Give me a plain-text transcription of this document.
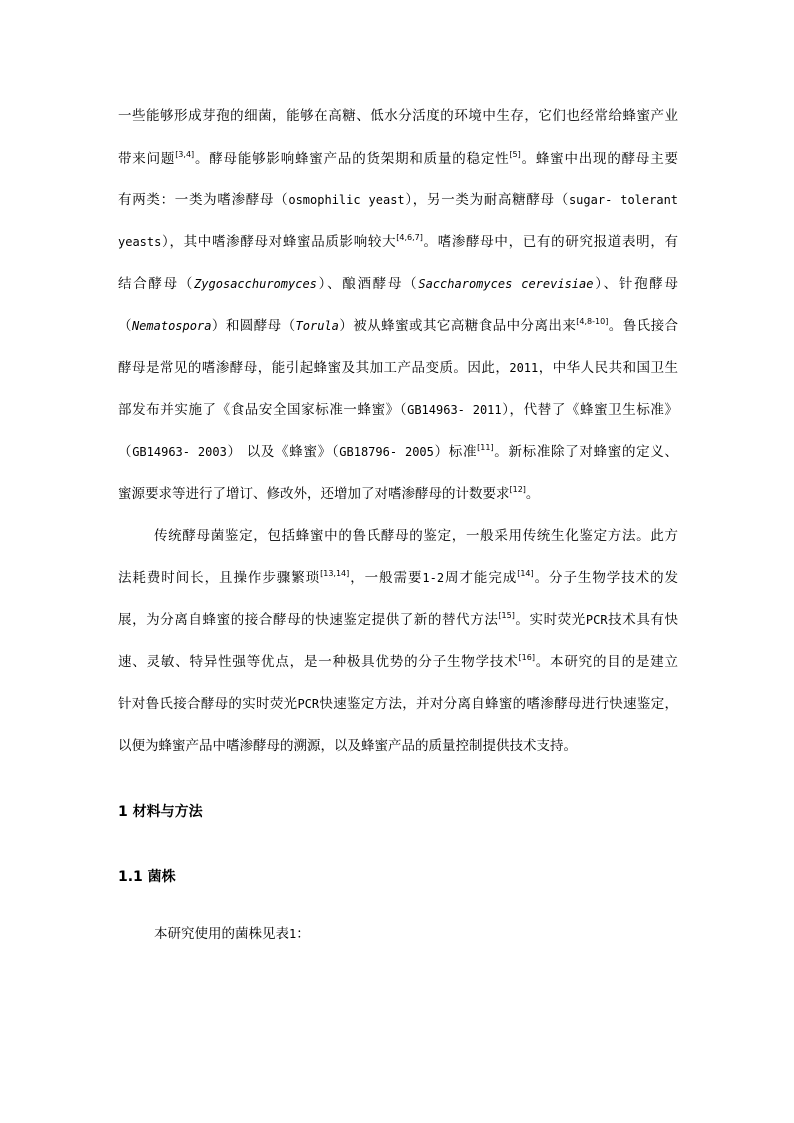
一些能够形成芽孢的细菌，能够在高糖、低水分活度的环境中生存，它们也经常给蜂蜜产业
带来问题[3,4]。酵母能够影响蜂蜜产品的货架期和质量的稳定性[5]。蜂蜜中出现的酵母主要
有两类：一类为嗜渗酵母（osmophilic yeast），另一类为耐高糖酵母（sugar- tolerant
yeasts），其中嗜渗酵母对蜂蜜品质影响较大[4,6,7]。嗜渗酵母中，已有的研究报道表明，有
结合酵母（Zygosacchuromyces）、酿酒酵母（Saccharomyces cerevisiae）、针孢酵母
（Nematospora）和圆酵母（Torula）被从蜂蜜或其它高糖食品中分离出来[4,8-10]。鲁氏接合
酵母是常见的嗜渗酵母，能引起蜂蜜及其加工产品变质。因此，2011，中华人民共和国卫生
部发布并实施了《食品安全国家标准一蜂蜜》（GB14963- 2011），代替了《蜂蜜卫生标准》
（GB14963- 2003） 以及《蜂蜜》（GB18796- 2005）标准[11]。新标准除了对蜂蜜的定义、
蜜源要求等进行了增订、修改外，还增加了对嗜渗酵母的计数要求[12]。
传统酵母菌鉴定，包括蜂蜜中的鲁氏酵母的鉴定，一般采用传统生化鉴定方法。此方
法耗费时间长，且操作步骤繁琐[13,14]，一般需要1-2周才能完成[14]。分子生物学技术的发
展，为分离自蜂蜜的接合酵母的快速鉴定提供了新的替代方法[15]。实时荧光PCR技术具有快
速、灵敏、特异性强等优点，是一种极具优势的分子生物学技术[16]。本研究的目的是建立
针对鲁氏接合酵母的实时荧光PCR快速鉴定方法，并对分离自蜂蜜的嗜渗酵母进行快速鉴定，
以便为蜂蜜产品中嗜渗酵母的溯源，以及蜂蜜产品的质量控制提供技术支持。
1 材料与方法
1.1 菌株
本研究使用的菌株见表1：
